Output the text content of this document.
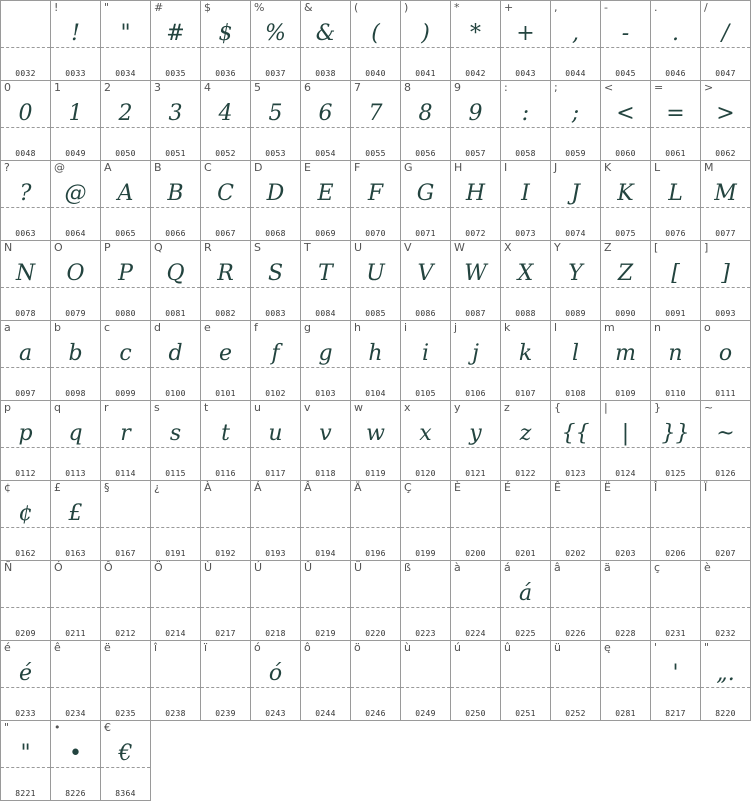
0032
!
!
0033
"
"
0034
#
#
0035
$
$
0036
%
%
0037
&
&
0038
(
(
0040
)
)
0041
*
*
0042
+
+
0043
,
,
0044
-
-
0045
.
.
0046
/
/
0047
0
0
0048
1
1
0049
2
2
0050
3
3
0051
4
4
0052
5
5
0053
6
6
0054
7
7
0055
8
8
0056
9
9
0057
:
:
0058
;
;
0059
<
<
0060
=
=
0061
>
>
0062
?
?
0063
@
@
0064
A
A
0065
B
B
0066
C
C
0067
D
D
0068
E
E
0069
F
F
0070
G
G
0071
H
H
0072
I
I
0073
J
J
0074
K
K
0075
L
L
0076
M
M
0077
N
N
0078
O
O
0079
P
P
0080
Q
Q
0081
R
R
0082
S
S
0083
T
T
0084
U
U
0085
V
V
0086
W
W
0087
X
X
0088
Y
Y
0089
Z
Z
0090
[
[
0091
]
]
0093
a
a
0097
b
b
0098
c
c
0099
d
d
0100
e
e
0101
f
f
0102
g
g
0103
h
h
0104
i
i
0105
j
j
0106
k
k
0107
l
l
0108
m
m
0109
n
n
0110
o
o
0111
p
p
0112
q
q
0113
r
r
0114
s
s
0115
t
t
0116
u
u
0117
v
v
0118
w
w
0119
x
x
0120
y
y
0121
z
z
0122
{
{{
0123
|
|
0124
}
}}
0125
~
~
0126
¢
¢
0162
£
£
0163
§
0167
¿
0191
À
0192
Á
0193
Â
0194
Ä
0196
Ç
0199
È
0200
É
0201
Ê
0202
Ë
0203
Î
0206
Ï
0207
Ñ
0209
Ó
0211
Ô
0212
Ö
0214
Ù
0217
Ú
0218
Û
0219
Ü
0220
ß
0223
à
0224
á
á
0225
â
0226
ä
0228
ç
0231
è
0232
é
é
0233
ê
0234
ë
0235
î
0238
ï
0239
ó
ó
0243
ô
0244
ö
0246
ù
0249
ú
0250
û
0251
ü
0252
ę
0281
'
'
8217
"
„.
8220
"
"
8221
•
•
8226
€
€
8364
